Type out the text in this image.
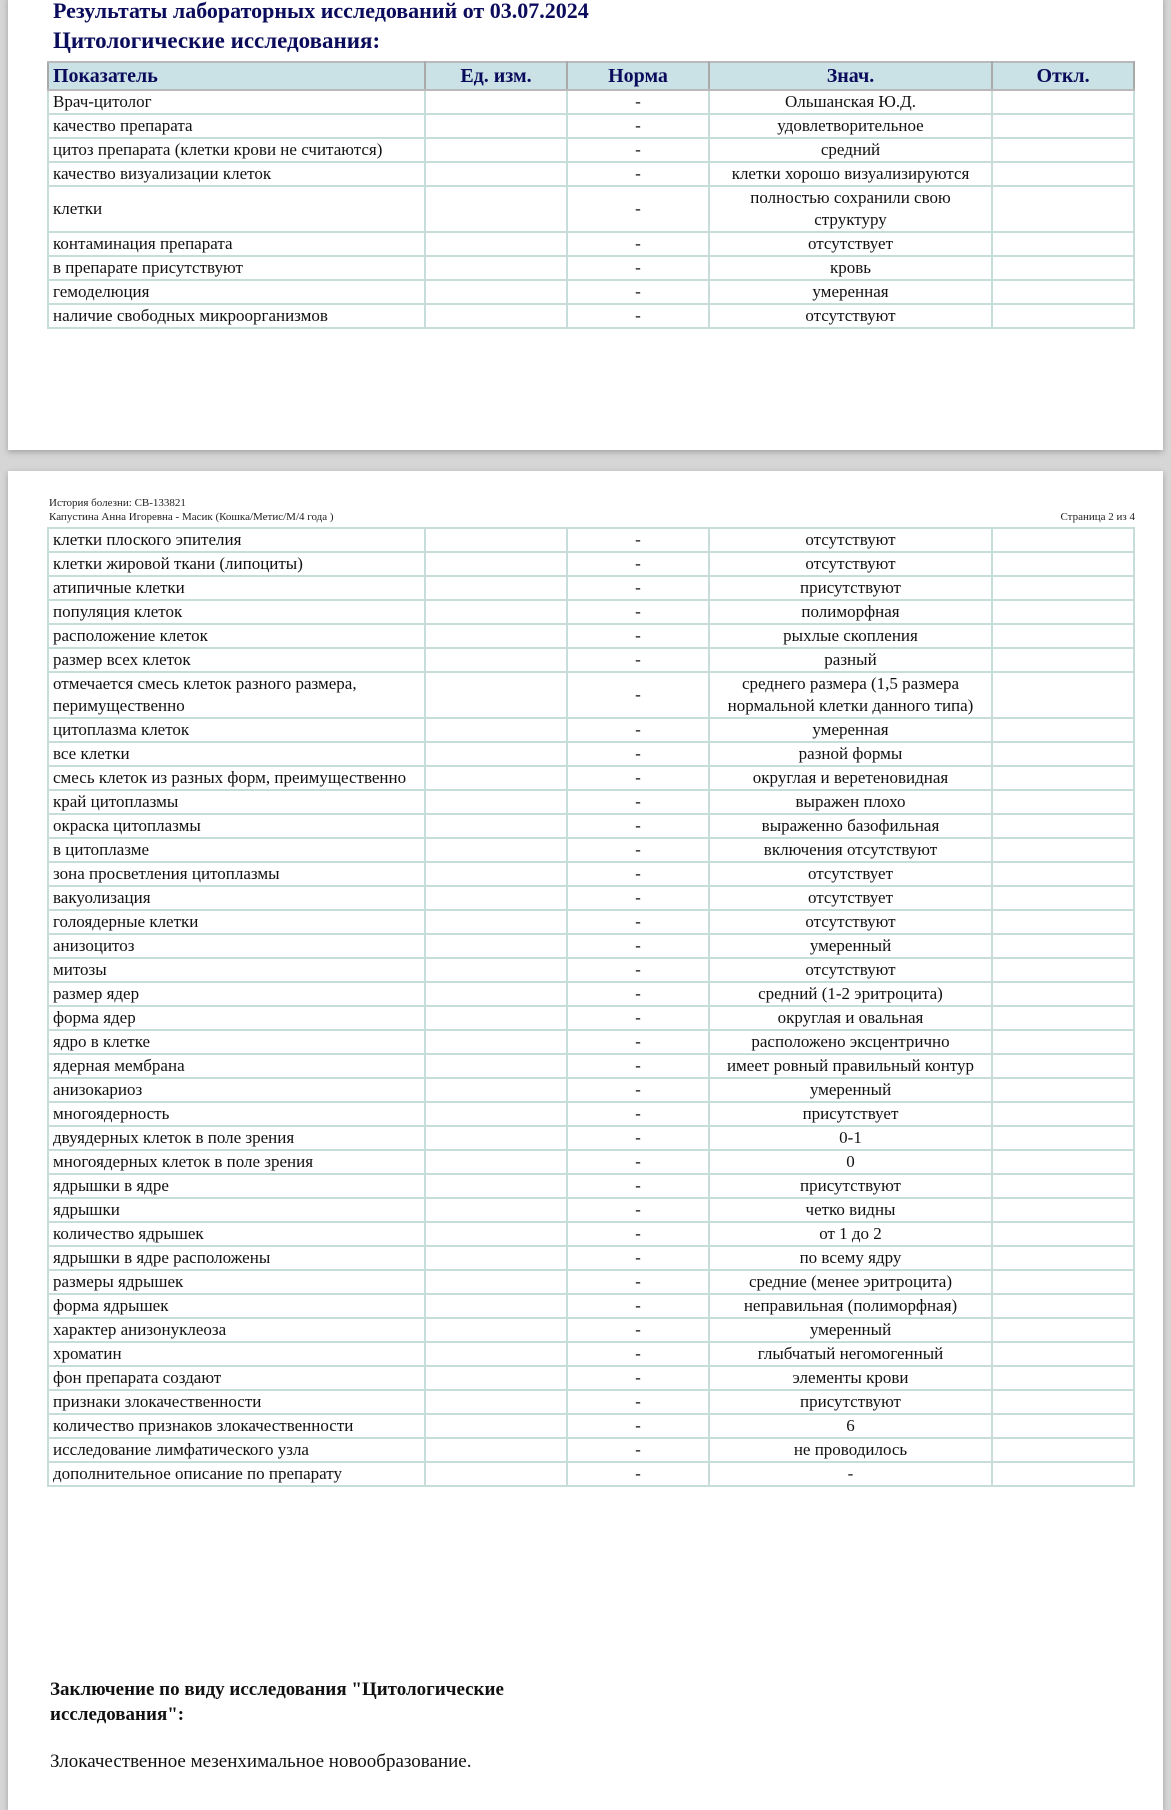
Результаты лабораторных исследований от 03.07.2024
Цитологические исследования:
Показатель	Ед. изм.	Норма	Знач.	Откл.
Врач-цитолог		-	Ольшанская Ю.Д.	
качество препарата		-	удовлетворительное	
цитоз препарата (клетки крови не считаются)		-	средний	
качество визуализации клеток		-	клетки хорошо визуализируются	
клетки		-	полностью сохранили свою структуру	
контаминация препарата		-	отсутствует	
в препарате присутствуют		-	кровь	
гемоделюция		-	умеренная	
наличие свободных микроорганизмов		-	отсутствуют	
История болезни: СВ-133821
Капустина Анна Игоревна - Масик (Кошка/Метис/М/4 года )	Страница 2 из 4
клетки плоского эпителия		-	отсутствуют	
клетки жировой ткани (липоциты)		-	отсутствуют	
атипичные клетки		-	присутствуют	
популяция клеток		-	полиморфная	
расположение клеток		-	рыхлые скопления	
размер всех клеток		-	разный	
отмечается смесь клеток разного размера, перимущественно		-	среднего размера (1,5 размера нормальной клетки данного типа)	
цитоплазма клеток		-	умеренная	
все клетки		-	разной формы	
смесь клеток из разных форм, преимущественно		-	округлая и веретеновидная	
край цитоплазмы		-	выражен плохо	
окраска цитоплазмы		-	выраженно базофильная	
в цитоплазме		-	включения отсутствуют	
зона просветления цитоплазмы		-	отсутствует	
вакуолизация		-	отсутствует	
голоядерные клетки		-	отсутствуют	
анизоцитоз		-	умеренный	
митозы		-	отсутствуют	
размер ядер		-	средний (1-2 эритроцита)	
форма ядер		-	округлая и овальная	
ядро в клетке		-	расположено эксцентрично	
ядерная мембрана		-	имеет ровный правильный контур	
анизокариоз		-	умеренный	
многоядерность		-	присутствует	
двуядерных клеток в поле зрения		-	0-1	
многоядерных клеток в поле зрения		-	0	
ядрышки в ядре		-	присутствуют	
ядрышки		-	четко видны	
количество ядрышек		-	от 1 до 2	
ядрышки в ядре расположены		-	по всему ядру	
размеры ядрышек		-	средние (менее эритроцита)	
форма ядрышек		-	неправильная (полиморфная)	
характер анизонуклеоза		-	умеренный	
хроматин		-	глыбчатый негомогенный	
фон препарата создают		-	элементы крови	
признаки злокачественности		-	присутствуют	
количество признаков злокачественности		-	6	
исследование лимфатического узла		-	не проводилось	
дополнительное описание по препарату		-	-	

Заключение по виду исследования "Цитологические исследования":

Злокачественное мезенхимальное новообразование.
